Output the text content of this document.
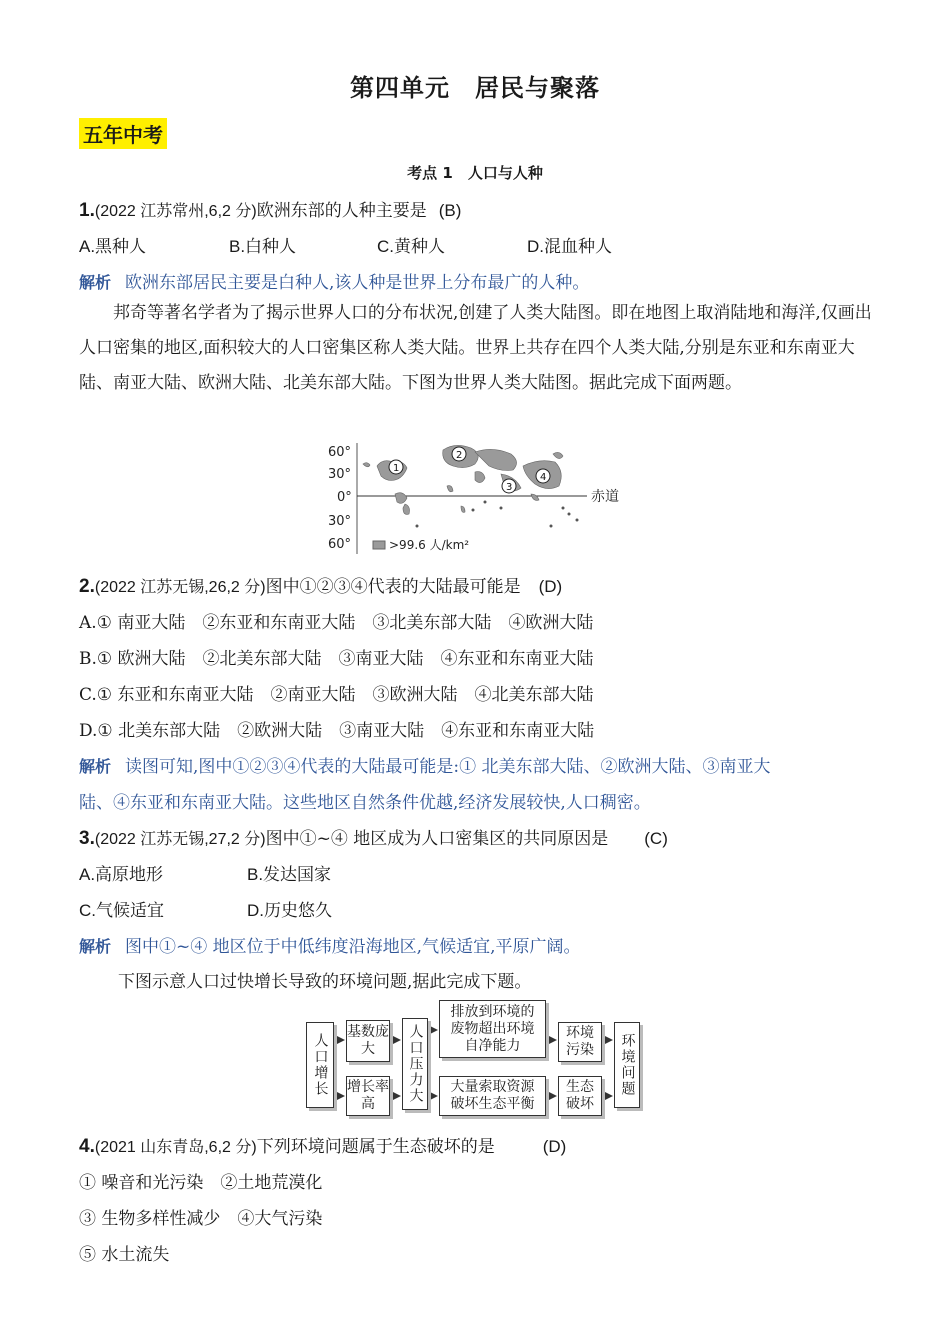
第四单元　居民与聚落
五年中考
考点 1　人口与人种
1.(2022 江苏常州,6,2 分)欧洲东部的人种主要是 (B)
A.黑种人	B.白种人	C.黄种人	D.混血种人
解析 欧洲东部居民主要是白种人,该人种是世界上分布最广的人种。
邦奇等著名学者为了揭示世界人口的分布状况,创建了人类大陆图。即在地图上取消陆地和海洋,仅画出人口密集的地区,面积较大的人口密集区称人类大陆。世界上共存在四个人类大陆,分别是东亚和东南亚大陆、南亚大陆、欧洲大陆、北美东部大陆。下图为世界人类大陆图。据此完成下面两题。
60°
30°
0°
30°
60°
赤道
1
2
3
4
>99.6 人/km²
2.(2022 江苏无锡,26,2 分)图中①②③④代表的大陆最可能是 (D)
A.① 南亚大陆　②东亚和东南亚大陆　③北美东部大陆　④欧洲大陆
B.① 欧洲大陆　②北美东部大陆　③南亚大陆　④东亚和东南亚大陆
C.① 东亚和东南亚大陆　②南亚大陆　③欧洲大陆　④北美东部大陆
D.① 北美东部大陆　②欧洲大陆　③南亚大陆　④东亚和东南亚大陆
解析 读图可知,图中①②③④代表的大陆最可能是:① 北美东部大陆、②欧洲大陆、③南亚大
陆、④东亚和东南亚大陆。这些地区自然条件优越,经济发展较快,人口稠密。
3.(2022 江苏无锡,27,2 分)图中①~④ 地区成为人口密集区的共同原因是 (C)
A.高原地形	B.发达国家
C.气候适宜	D.历史悠久
解析 图中①~④ 地区位于中低纬度沿海地区,气候适宜,平原广阔。
下图示意人口过快增长导致的环境问题,据此完成下题。
人口增长
基数庞大
增长率高	人口压力大
排放到环境的废物超出环境自净能力
大量索取资源破坏生态平衡
环境污染
生态破坏
环境问题
4.(2021 山东青岛,6,2 分)下列环境问题属于生态破坏的是	(D)
① 噪音和光污染　②土地荒漠化
③ 生物多样性减少　④大气污染
⑤ 水土流失
